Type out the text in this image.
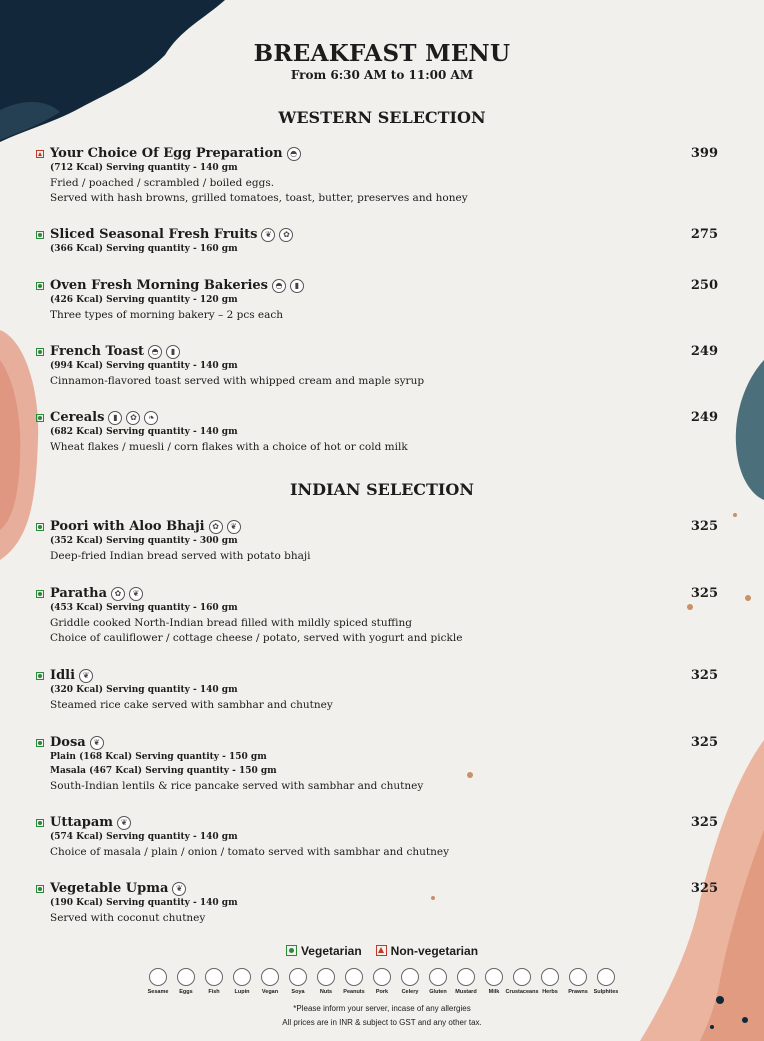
BREAKFAST MENU
From 6:30 AM to 11:00 AM
WESTERN SELECTION
Your Choice Of Egg Preparation ◓	399
(712 Kcal) Serving quantity - 140 gm
Fried / poached / scrambled / boiled eggs.
Served with hash browns, grilled tomatoes, toast, butter, preserves and honey
Sliced Seasonal Fresh Fruits ❦	✿	275
(366 Kcal) Serving quantity - 160 gm
Oven Fresh Morning Bakeries ◓	▮	250
(426 Kcal) Serving quantity - 120 gm
Three types of morning bakery – 2 pcs each
French Toast ◓	▮	249
(994 Kcal) Serving quantity - 140 gm
Cinnamon-flavored toast served with whipped cream and maple syrup
Cereals	▮	✿	❧	249
(682 Kcal) Serving quantity - 140 gm
Wheat flakes / muesli / corn flakes with a choice of hot or cold milk
INDIAN SELECTION
Poori with Aloo Bhaji ✿	❦	325
(352 Kcal) Serving quantity - 300 gm
Deep-fried Indian bread served with potato bhaji
Paratha ✿	❦	325
(453 Kcal) Serving quantity - 160 gm
Griddle cooked North-Indian bread filled with mildly spiced stuffing
Choice of cauliflower / cottage cheese / potato, served with yogurt and pickle
Idli ❦	325
(320 Kcal) Serving quantity - 140 gm
Steamed rice cake served with sambhar and chutney
Dosa ❦	325
Plain (168 Kcal) Serving quantity - 150 gm
Masala (467 Kcal) Serving quantity - 150 gm
South-Indian lentils & rice pancake served with sambhar and chutney
Uttapam ❦	325
(574 Kcal) Serving quantity - 140 gm
Choice of masala / plain / onion / tomato served with sambhar and chutney
Vegetable Upma ❦	325
(190 Kcal) Serving quantity - 140 gm
Served with coconut chutney
Vegetarian	Non-vegetarian
Sesame Eggs	Fish	Lupin Vegan Soya	Nuts Peanuts Pork Celery Gluten Mustard Milk Crustaceans Herbs Prawns Sulphites
*Please inform your server, incase of any allergies
All prices are in INR & subject to GST and any other tax.
